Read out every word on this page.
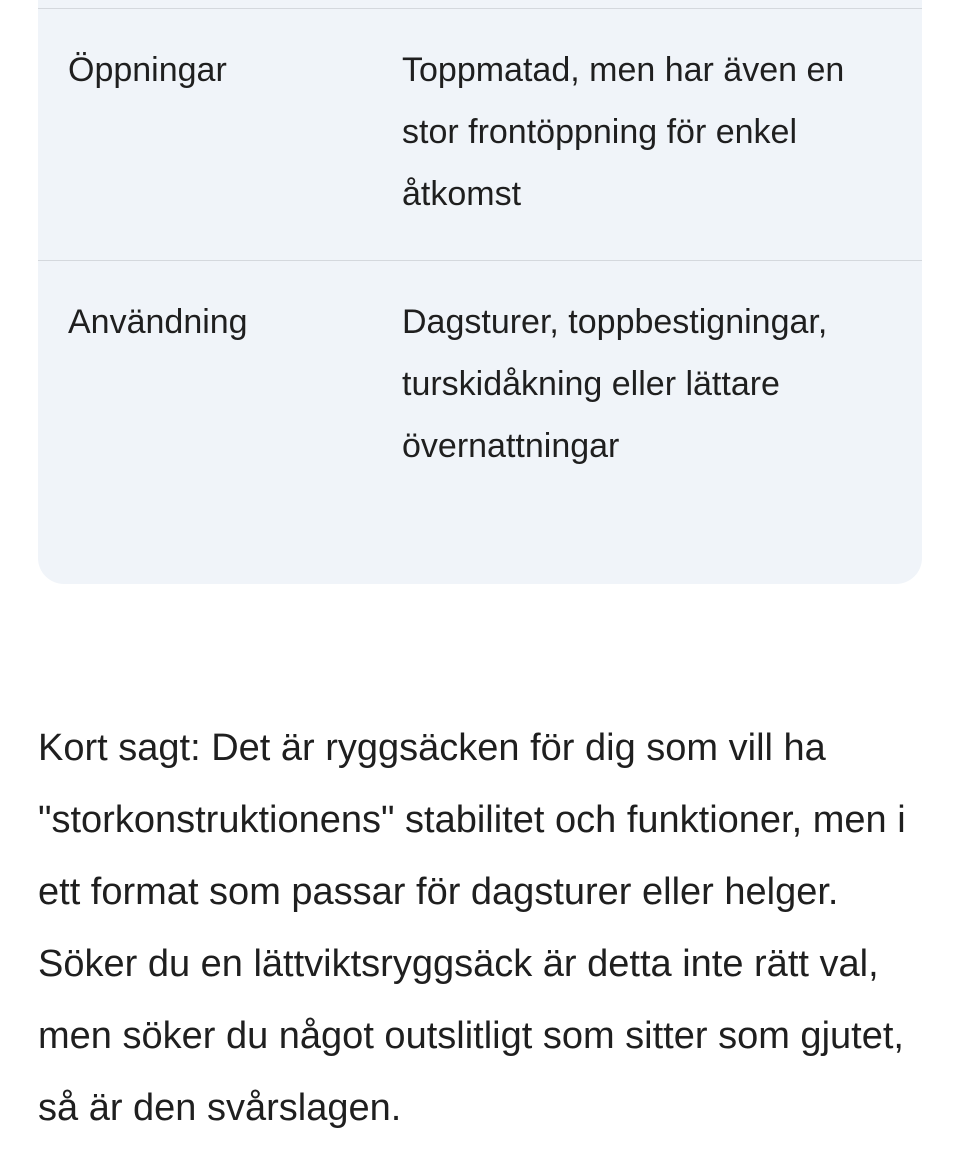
Öppningar	Toppmatad, men har även en stor frontöppning för enkel åtkomst
Användning	Dagsturer, toppbestigningar, turskidåkning eller lättare övernattningar

Kort sagt: Det är ryggsäcken för dig som vill ha "storkonstruktionens" stabilitet och funktioner, men i ett format som passar för dagsturer eller helger. Söker du en lättviktsryggsäck är detta inte rätt val, men söker du något outslitligt som sitter som gjutet, så är den svårslagen.
